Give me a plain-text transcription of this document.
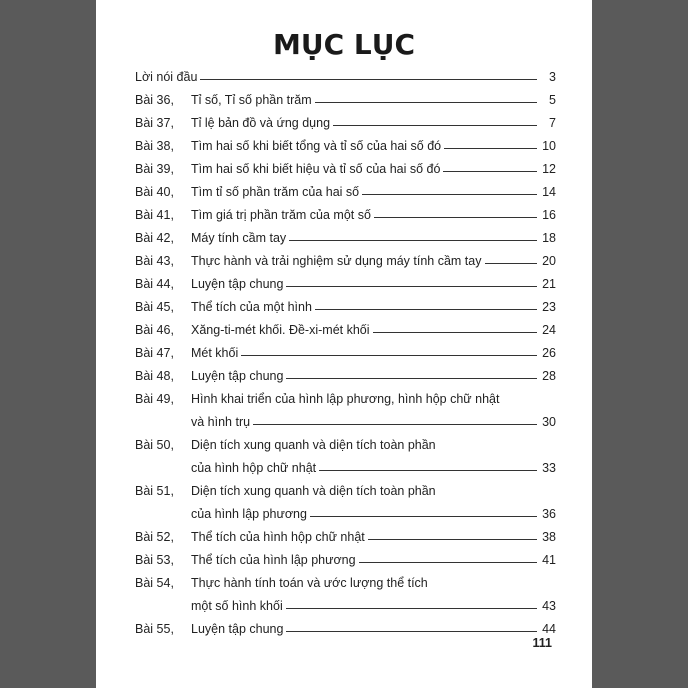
MỤC LỤC
Lời nói đầu	3
Bài 36,	Tỉ số, Tỉ số phần trăm	5
Bài 37,	Tỉ lệ bản đồ và ứng dụng	7
Bài 38,	Tìm hai số khi biết tổng và tỉ số của hai số đó	10
Bài 39,	Tìm hai số khi biết hiệu và tỉ số của hai số đó	12
Bài 40,	Tìm tỉ số phần trăm của hai số	14
Bài 41,	Tìm giá trị phần trăm của một số	16
Bài 42,	Máy tính cầm tay	18
Bài 43,	Thực hành và trải nghiệm sử dụng máy tính cầm tay	20
Bài 44,	Luyện tập chung	21
Bài 45,	Thể tích của một hình	23
Bài 46,	Xăng-ti-mét khối. Đề-xi-mét khối	24
Bài 47,	Mét khối	26
Bài 48,	Luyện tập chung	28
Bài 49,	Hình khai triển của hình lập phương, hình hộp chữ nhật
và hình trụ	30
Bài 50,	Diện tích xung quanh và diện tích toàn phần
của hình hộp chữ nhật	33
Bài 51,	Diện tích xung quanh và diện tích toàn phần
của hình lập phương	36
Bài 52,	Thể tích của hình hộp chữ nhật	38
Bài 53,	Thể tích của hình lập phương	41
Bài 54,	Thực hành tính toán và ước lượng thể tích
một số hình khối	43
Bài 55,	Luyện tập chung	44
111
